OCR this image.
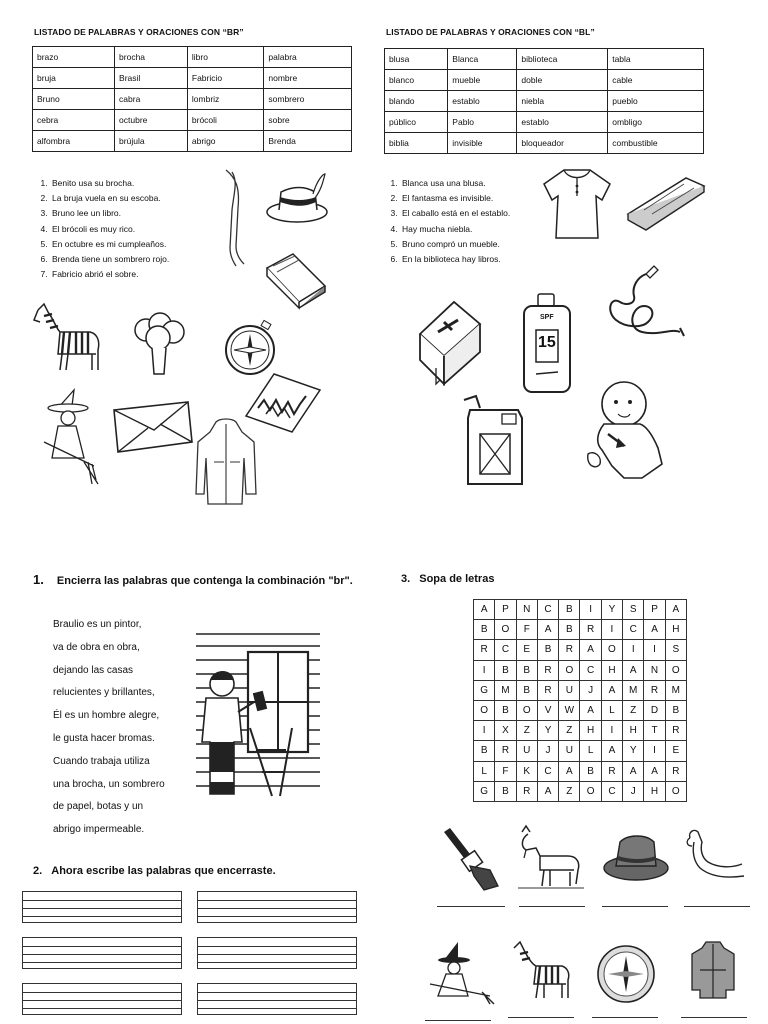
LISTADO DE PALABRAS Y ORACIONES CON “BR”
brazo	brocha	libro	palabra
bruja	Brasil	Fabricio	nombre
Bruno	cabra	lombriz	sombrero
cebra	octubre	brócoli	sobre
alfombra	brújula	abrigo	Brenda
1. Benito usa su brocha.
2. La bruja vuela en su escoba.
3. Bruno lee un libro.
4. El brócoli es muy rico.
5. En octubre es mi cumpleaños.
6. Brenda tiene un sombrero rojo.
7. Fabricio abrió el sobre.
LISTADO DE PALABRAS Y ORACIONES CON “BL”
blusa	Blanca	biblioteca	tabla
blanco	mueble	doble	cable
blando	establo	niebla	pueblo
público	Pablo	establo	ombligo
biblia	invisible	bloqueador	combustible
1. Blanca usa una blusa.
2. El fantasma es invisible.
3. El caballo está en el establo.
4. Hay mucha niebla.
5. Bruno compró un mueble.
6. En la biblioteca hay libros.
15
SPF
1. Encierra las palabras que contenga la combinación "br".
Braulio es un pintor,
va de obra en obra,
dejando las casas
relucientes y brillantes,
Él es un hombre alegre,
le gusta hacer bromas.
Cuando trabaja utiliza
una brocha, un sombrero
de papel, botas y un
abrigo impermeable.
2. Ahora escribe las palabras que encerraste.
3. Sopa de letras
A	P	N	C	B	I	Y	S	P	A
B	O	F	A	B	R	I	C	A	H
R	C	E	B	R	A	O	I	I	S
I	B	B	R	O	C	H	A	N	O
G	M	B	R	U	J	A	M	R	M
O	B	O	V	W	A	L	Z	D	B
I	X	Z	Y	Z	H	I	H	T	R
B	R	U	J	U	L	A	Y	I	E
L	F	K	C	A	B	R	A	A	R
G	B	R	A	Z	O	C	J	H	O
